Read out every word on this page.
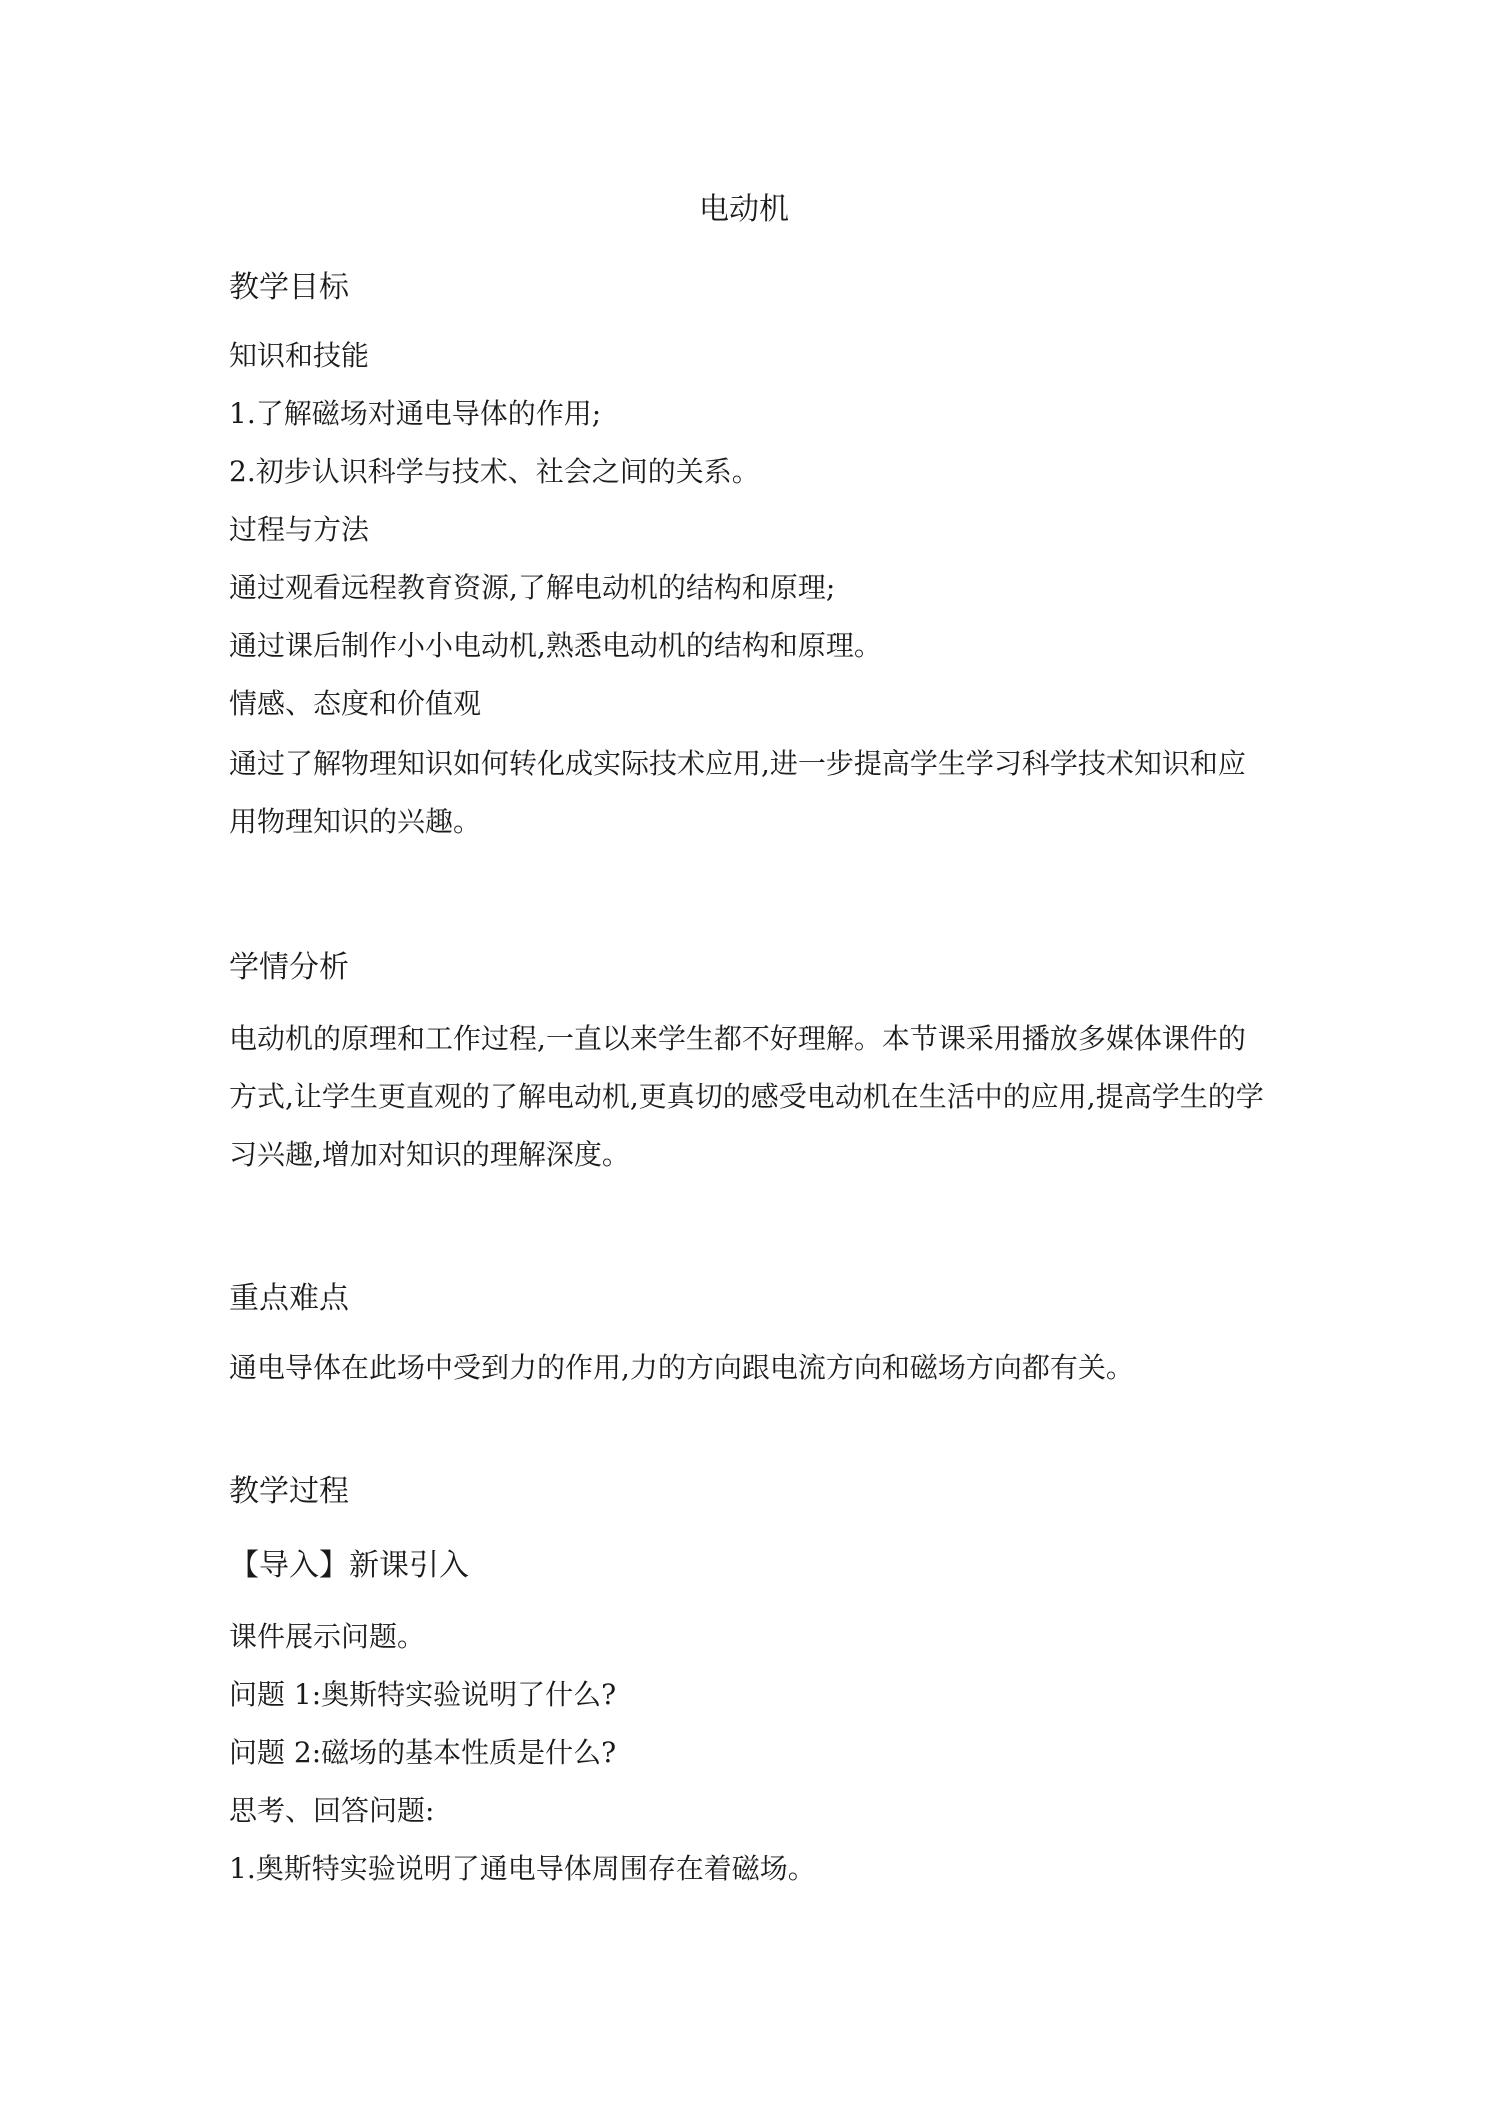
电动机
教学目标

知识和技能

1.了解磁场对通电导体的作用;

2.初步认识科学与技术、社会之间的关系。

过程与方法

通过观看远程教育资源,了解电动机的结构和原理;

通过课后制作小小电动机,熟悉电动机的结构和原理。

情感、态度和价值观

通过了解物理知识如何转化成实际技术应用,进一步提高学生学习科学技术知识和应用物理知识的兴趣。

学情分析

电动机的原理和工作过程,一直以来学生都不好理解。本节课采用播放多媒体课件的方式,让学生更直观的了解电动机,更真切的感受电动机在生活中的应用,提高学生的学习兴趣,增加对知识的理解深度。

重点难点

通电导体在此场中受到力的作用,力的方向跟电流方向和磁场方向都有关。

教学过程
【导入】新课引入

课件展示问题。

问题 1:奥斯特实验说明了什么?

问题 2:磁场的基本性质是什么?

思考、回答问题:

1.奥斯特实验说明了通电导体周围存在着磁场。
